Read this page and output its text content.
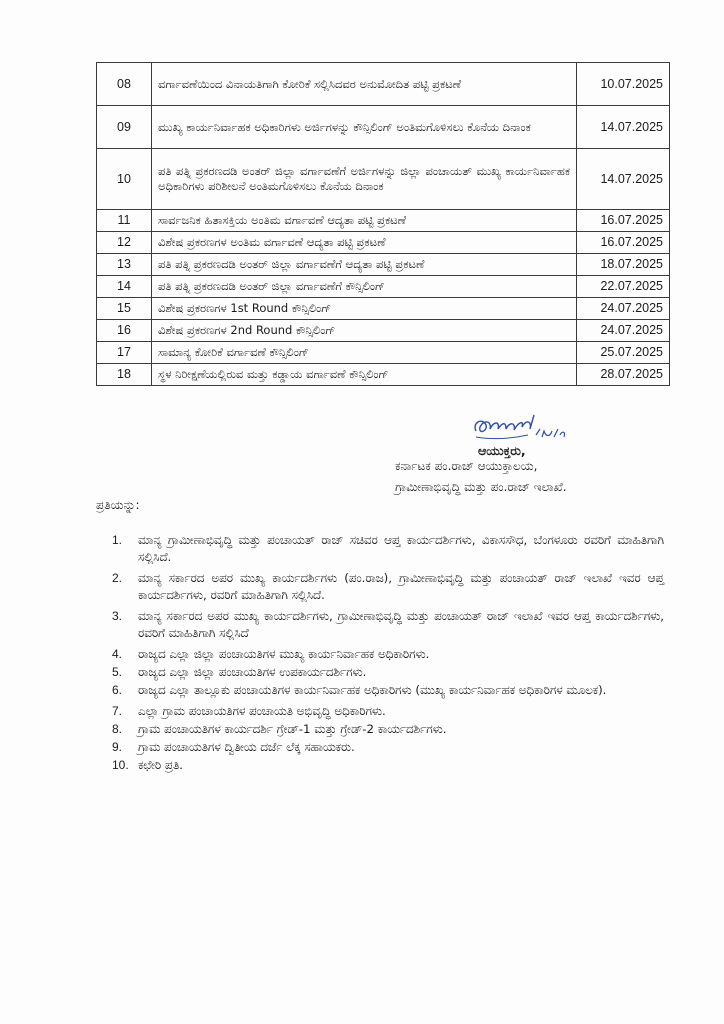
08	ವರ್ಗಾವಣೆಯಿಂದ ವಿನಾಯತಿಗಾಗಿ ಕೋರಿಕೆ ಸಲ್ಲಿಸಿದವರ ಅನುಮೋದಿತ ಪಟ್ಟಿ ಪ್ರಕಟಣೆ	10.07.2025
09	ಮುಖ್ಯ ಕಾರ್ಯನಿರ್ವಾಹಕ ಅಧಿಕಾರಿಗಳು ಅರ್ಜಿಗಳನ್ನು ಕೌನ್ಸಿಲಿಂಗ್ ಅಂತಿಮಗೊಳಿಸಲು ಕೊನೆಯ ದಿನಾಂಕ	14.07.2025
10	ಪತಿ ಪತ್ನಿ ಪ್ರಕರಣದಡಿ ಅಂತರ್ ಜಿಲ್ಲಾ ವರ್ಗಾವಣೆಗೆ ಅರ್ಜಿಗಳನ್ನು ಜಿಲ್ಲಾ ಪಂಚಾಯತ್ ಮುಖ್ಯ ಕಾರ್ಯನಿರ್ವಾಹಕ ಅಧಿಕಾರಿಗಳು ಪರಿಶೀಲನೆ ಅಂತಿಮಗೊಳಿಸಲು ಕೊನೆಯ ದಿನಾಂಕ	14.07.2025
11	ಸಾರ್ವಜನಿಕ ಹಿತಾಸಕ್ತಿಯ ಅಂತಿಮ ವರ್ಗಾವಣೆ ಆದ್ಯತಾ ಪಟ್ಟಿ ಪ್ರಕಟಣೆ	16.07.2025
12	ವಿಶೇಷ ಪ್ರಕರಣಗಳ ಅಂತಿಮ ವರ್ಗಾವಣೆ ಆದ್ಯತಾ ಪಟ್ಟಿ ಪ್ರಕಟಣೆ	16.07.2025
13	ಪತಿ ಪತ್ನಿ ಪ್ರಕರಣದಡಿ ಅಂತರ್ ಜಿಲ್ಲಾ ವರ್ಗಾವಣೆಗೆ ಆದ್ಯತಾ ಪಟ್ಟಿ ಪ್ರಕಟಣೆ	18.07.2025
14	ಪತಿ ಪತ್ನಿ ಪ್ರಕರಣದಡಿ ಅಂತರ್ ಜಿಲ್ಲಾ ವರ್ಗಾವಣೆಗೆ ಕೌನ್ಸಿಲಿಂಗ್	22.07.2025
15	ವಿಶೇಷ ಪ್ರಕರಣಗಳ 1st Round ಕೌನ್ಸಿಲಿಂಗ್	24.07.2025
16	ವಿಶೇಷ ಪ್ರಕರಣಗಳ 2nd Round ಕೌನ್ಸಿಲಿಂಗ್	24.07.2025
17	ಸಾಮಾನ್ಯ ಕೋರಿಕೆ ವರ್ಗಾವಣೆ ಕೌನ್ಸಿಲಿಂಗ್	25.07.2025
18	ಸ್ಥಳ ನಿರೀಕ್ಷಣೆಯಲ್ಲಿರುವ ಮತ್ತು ಕಡ್ಡಾಯ ವರ್ಗಾವಣೆ ಕೌನ್ಸಿಲಿಂಗ್	28.07.2025
ಆಯುಕ್ತರು,
ಕರ್ನಾಟಕ ಪಂ.ರಾಜ್ ಆಯುಕ್ತಾಲಯ,
ಗ್ರಾಮೀಣಾಭಿವೃದ್ಧಿ ಮತ್ತು ಪಂ.ರಾಜ್ ಇಲಾಖೆ.
ಪ್ರತಿಯನ್ನು:
1. ಮಾನ್ಯ ಗ್ರಾಮೀಣಾಭಿವೃದ್ಧಿ ಮತ್ತು ಪಂಚಾಯತ್ ರಾಜ್ ಸಚಿವರ ಆಪ್ತ ಕಾರ್ಯದರ್ಶಿಗಳು, ವಿಕಾಸಸೌಧ, ಬೆಂಗಳೂರು ರವರಿಗೆ ಮಾಹಿತಿಗಾಗಿ ಸಲ್ಲಿಸಿದೆ.
2. ಮಾನ್ಯ ಸರ್ಕಾರದ ಅಪರ ಮುಖ್ಯ ಕಾರ್ಯದರ್ಶಿಗಳು (ಪಂ.ರಾಜ), ಗ್ರಾಮೀಣಾಭಿವೃದ್ಧಿ ಮತ್ತು ಪಂಚಾಯತ್ ರಾಜ್ ಇಲಾಖೆ ಇವರ ಆಪ್ತ ಕಾರ್ಯದರ್ಶಿಗಳು, ರವರಿಗೆ ಮಾಹಿತಿಗಾಗಿ ಸಲ್ಲಿಸಿದೆ.
3. ಮಾನ್ಯ ಸರ್ಕಾರದ ಅಪರ ಮುಖ್ಯ ಕಾರ್ಯದರ್ಶಿಗಳು, ಗ್ರಾಮೀಣಾಭಿವೃದ್ಧಿ ಮತ್ತು ಪಂಚಾಯತ್ ರಾಜ್ ಇಲಾಖೆ ಇವರ ಆಪ್ತ ಕಾರ್ಯದರ್ಶಿಗಳು, ರವರಿಗೆ ಮಾಹಿತಿಗಾಗಿ ಸಲ್ಲಿಸಿದೆ
4. ರಾಜ್ಯದ ಎಲ್ಲಾ ಜಿಲ್ಲಾ ಪಂಚಾಯತಿಗಳ ಮುಖ್ಯ ಕಾರ್ಯನಿರ್ವಾಹಕ ಅಧಿಕಾರಿಗಳು.
5. ರಾಜ್ಯದ ಎಲ್ಲಾ ಜಿಲ್ಲಾ ಪಂಚಾಯತಿಗಳ ಉಪಕಾರ್ಯದರ್ಶಿಗಳು.
6. ರಾಜ್ಯದ ಎಲ್ಲಾ ತಾಲ್ಲೂಕು ಪಂಚಾಯತಿಗಳ ಕಾರ್ಯನಿರ್ವಾಹಕ ಅಧಿಕಾರಿಗಳು (ಮುಖ್ಯ ಕಾರ್ಯನಿರ್ವಾಹಕ ಅಧಿಕಾರಿಗಳ ಮೂಲಕ).
7. ಎಲ್ಲಾ ಗ್ರಾಮ ಪಂಚಾಯತಿಗಳ ಪಂಚಾಯತಿ ಅಭಿವೃದ್ಧಿ ಅಧಿಕಾರಿಗಳು.
8. ಗ್ರಾಮ ಪಂಚಾಯತಿಗಳ ಕಾರ್ಯದರ್ಶಿ ಗ್ರೇಡ್-1 ಮತ್ತು ಗ್ರೇಡ್-2 ಕಾರ್ಯದರ್ಶಿಗಳು.
9. ಗ್ರಾಮ ಪಂಚಾಯತಿಗಳ ದ್ವಿತೀಯ ದರ್ಜೆ ಲೆಕ್ಕ ಸಹಾಯಕರು.
10. ಕಛೇರಿ ಪ್ರತಿ.
